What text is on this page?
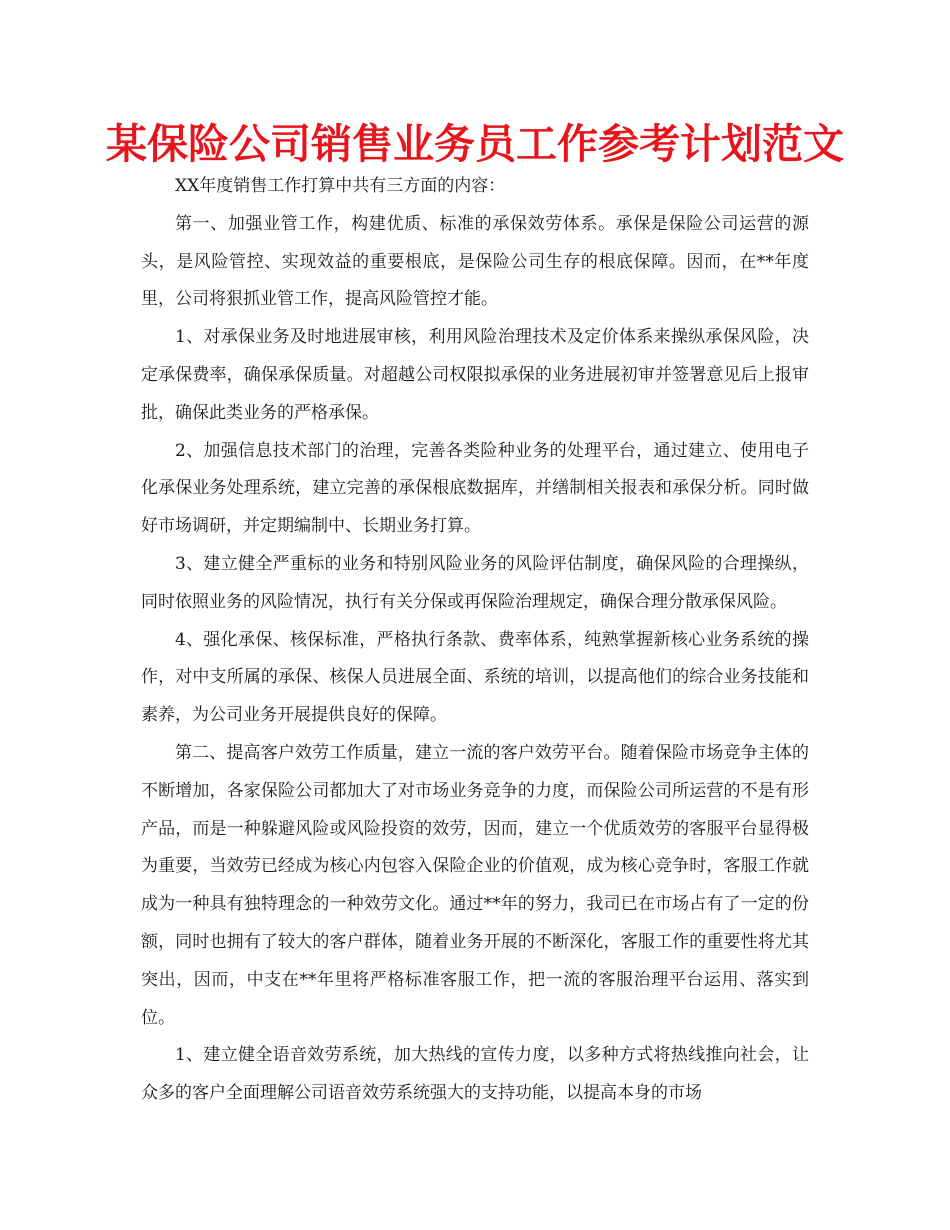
某保险公司销售业务员工作参考计划范文

XX年度销售工作打算中共有三方面的内容：

第一、加强业管工作，构建优质、标准的承保效劳体系。承保是保险公司运营的源头，是风险管控、实现效益的重要根底，是保险公司生存的根底保障。因而，在**年度里，公司将狠抓业管工作，提高风险管控才能。

1、对承保业务及时地进展审核，利用风险治理技术及定价体系来操纵承保风险，决定承保费率，确保承保质量。对超越公司权限拟承保的业务进展初审并签署意见后上报审批，确保此类业务的严格承保。

2、加强信息技术部门的治理，完善各类险种业务的处理平台，通过建立、使用电子化承保业务处理系统，建立完善的承保根底数据库，并缮制相关报表和承保分析。同时做好市场调研，并定期编制中、长期业务打算。

3、建立健全严重标的业务和特别风险业务的风险评估制度，确保风险的合理操纵，同时依照业务的风险情况，执行有关分保或再保险治理规定，确保合理分散承保风险。

4、强化承保、核保标准，严格执行条款、费率体系，纯熟掌握新核心业务系统的操作，对中支所属的承保、核保人员进展全面、系统的培训，以提高他们的综合业务技能和素养，为公司业务开展提供良好的保障。

第二、提高客户效劳工作质量，建立一流的客户效劳平台。随着保险市场竞争主体的不断增加，各家保险公司都加大了对市场业务竞争的力度，而保险公司所运营的不是有形产品，而是一种躲避风险或风险投资的效劳，因而，建立一个优质效劳的客服平台显得极为重要，当效劳已经成为核心内包容入保险企业的价值观，成为核心竞争时，客服工作就成为一种具有独特理念的一种效劳文化。通过**年的努力，我司已在市场占有了一定的份额，同时也拥有了较大的客户群体，随着业务开展的不断深化，客服工作的重要性将尤其突出，因而，中支在**年里将严格标准客服工作，把一流的客服治理平台运用、落实到位。

1、建立健全语音效劳系统，加大热线的宣传力度，以多种方式将热线推向社会，让众多的客户全面理解公司语音效劳系统强大的支持功能，以提高本身的市场
